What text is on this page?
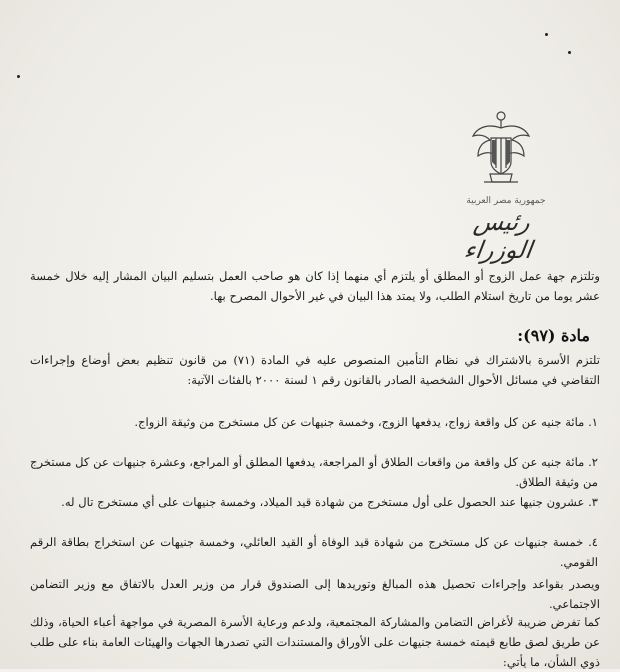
جمهورية مصر العربية
رئيس الوزراء
وتلتزم جهة عمل الزوج أو المطلق أو يلتزم أي منهما إذا كان هو صاحب العمل بتسليم البيان المشار إليه خلال خمسة عشر يوما من تاريخ استلام الطلب، ولا يمتد هذا البيان في غير الأحوال المصرح بها.
مادة (٩٧):
تلتزم الأسرة بالاشتراك في نظام التأمين المنصوص عليه في المادة (٧١) من قانون تنظيم بعض أوضاع وإجراءات التقاضي في مسائل الأحوال الشخصية الصادر بالقانون رقم ١ لسنة ٢٠٠٠ بالفئات الآتية:
١. مائة جنيه عن كل واقعة زواج، يدفعها الزوج، وخمسة جنيهات عن كل مستخرج من وثيقة الزواج.
٢. مائة جنيه عن كل واقعة من واقعات الطلاق أو المراجعة، يدفعها المطلق أو المراجع، وعشرة جنيهات عن كل مستخرج من وثيقة الطلاق.
٣. عشرون جنيها عند الحصول على أول مستخرج من شهادة قيد الميلاد، وخمسة جنيهات على أي مستخرج تال له.
٤. خمسة جنيهات عن كل مستخرج من شهادة قيد الوفاة أو القيد العائلي، وخمسة جنيهات عن استخراج بطاقة الرقم القومي.
ويصدر بقواعد وإجراءات تحصيل هذه المبالغ وتوريدها إلى الصندوق قرار من وزير العدل بالاتفاق مع وزير التضامن الاجتماعي.
كما تفرض ضريبة لأغراض التضامن والمشاركة المجتمعية، ولدعم ورعاية الأسرة المصرية في مواجهة أعباء الحياة، وذلك عن طريق لصق طابع قيمته خمسة جنيهات على الأوراق والمستندات التي تصدرها الجهات والهيئات العامة بناء على طلب ذوي الشأن، ما يأتي:
